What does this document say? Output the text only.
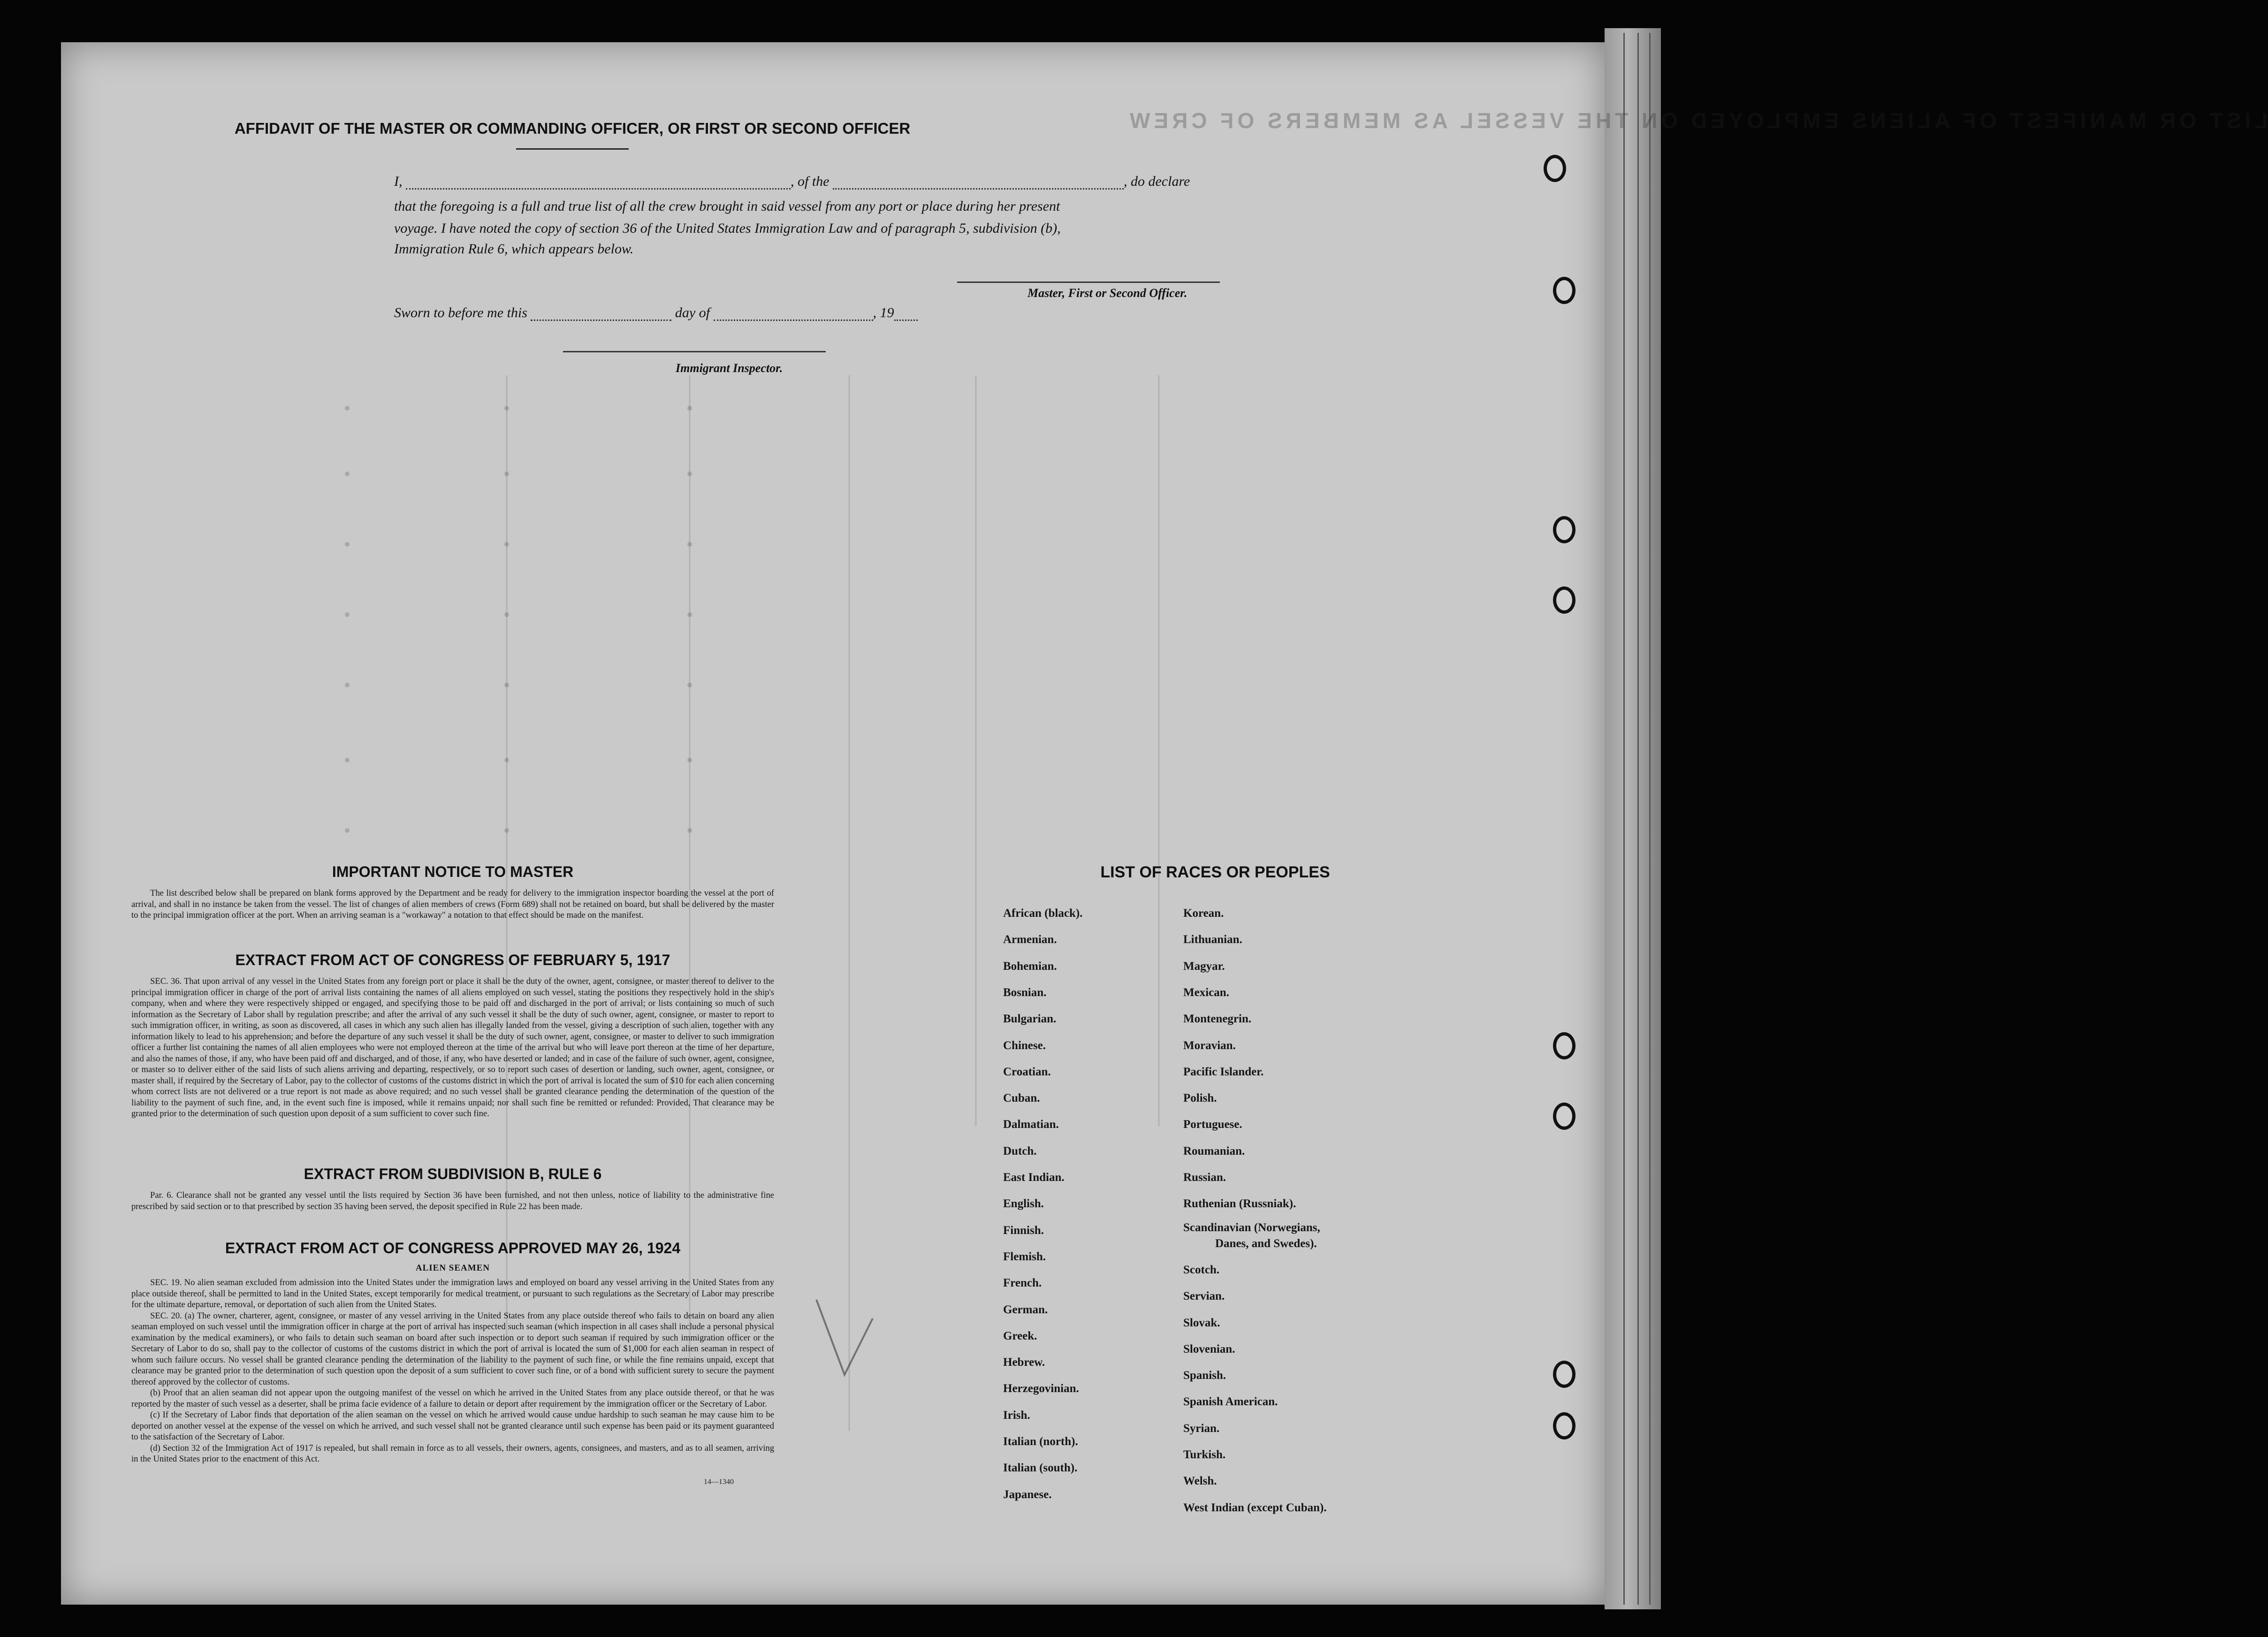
LIST OR MANIFEST OF ALIENS EMPLOYED ON THE VESSEL AS MEMBERS OF CREW
AFFIDAVIT OF THE MASTER OR COMMANDING OFFICER, OR FIRST OR SECOND OFFICER
I,	, of the	, do declare
that the foregoing is a full and true list of all the crew brought in said vessel from any port or place during her present
voyage. I have noted the copy of section 36 of the United States Immigration Law and of paragraph 5, subdivision (b),
Immigration Rule 6, which appears below.
Master, First or Second Officer.
Sworn to before me this	day of	, 19
Immigrant Inspector.
IMPORTANT NOTICE TO MASTER

The list described below shall be prepared on blank forms approved by the Department and be ready for delivery to the immigration inspector boarding the vessel at the port of arrival, and shall in no instance be taken from the vessel. The list of changes of alien members of crews (Form 689) shall not be retained on board, but shall be delivered by the master to the principal immigration officer at the port. When an arriving seaman is a "workaway" a notation to that effect should be made on the manifest.

EXTRACT FROM ACT OF CONGRESS OF FEBRUARY 5, 1917

SEC. 36. That upon arrival of any vessel in the United States from any foreign port or place it shall be the duty of the owner, agent, consignee, or master thereof to deliver to the principal immigration officer in charge of the port of arrival lists containing the names of all aliens employed on such vessel, stating the positions they respectively hold in the ship's company, when and where they were respectively shipped or engaged, and specifying those to be paid off and discharged in the port of arrival; or lists containing so much of such information as the Secretary of Labor shall by regulation prescribe; and after the arrival of any such vessel it shall be the duty of such owner, agent, consignee, or master to report to such immigration officer, in writing, as soon as discovered, all cases in which any such alien has illegally landed from the vessel, giving a description of such alien, together with any information likely to lead to his apprehension; and before the departure of any such vessel it shall be the duty of such owner, agent, consignee, or master to deliver to such immigration officer a further list containing the names of all alien employees who were not employed thereon at the time of the arrival but who will leave port thereon at the time of her departure, and also the names of those, if any, who have been paid off and discharged, and of those, if any, who have deserted or landed; and in case of the failure of such owner, agent, consignee, or master so to deliver either of the said lists of such aliens arriving and departing, respectively, or so to report such cases of desertion or landing, such owner, agent, consignee, or master shall, if required by the Secretary of Labor, pay to the collector of customs of the customs district in which the port of arrival is located the sum of $10 for each alien concerning whom correct lists are not delivered or a true report is not made as above required; and no such vessel shall be granted clearance pending the determination of the question of the liability to the payment of such fine, and, in the event such fine is imposed, while it remains unpaid; nor shall such fine be remitted or refunded: Provided, That clearance may be granted prior to the determination of such question upon deposit of a sum sufficient to cover such fine.

EXTRACT FROM SUBDIVISION B, RULE 6

Par. 6. Clearance shall not be granted any vessel until the lists required by Section 36 have been furnished, and not then unless, notice of liability to the administrative fine prescribed by said section or to that prescribed by section 35 having been served, the deposit specified in Rule 22 has been made.

EXTRACT FROM ACT OF CONGRESS APPROVED MAY 26, 1924
ALIEN SEAMEN

SEC. 19. No alien seaman excluded from admission into the United States under the immigration laws and employed on board any vessel arriving in the United States from any place outside thereof, shall be permitted to land in the United States, except temporarily for medical treatment, or pursuant to such regulations as the Secretary of Labor may prescribe for the ultimate departure, removal, or deportation of such alien from the United States.

SEC. 20. (a) The owner, charterer, agent, consignee, or master of any vessel arriving in the United States from any place outside thereof who fails to detain on board any alien seaman employed on such vessel until the immigration officer in charge at the port of arrival has inspected such seaman (which inspection in all cases shall include a personal physical examination by the medical examiners), or who fails to detain such seaman on board after such inspection or to deport such seaman if required by such immigration officer or the Secretary of Labor to do so, shall pay to the collector of customs of the customs district in which the port of arrival is located the sum of $1,000 for each alien seaman in respect of whom such failure occurs. No vessel shall be granted clearance pending the determination of the liability to the payment of such fine, or while the fine remains unpaid, except that clearance may be granted prior to the determination of such question upon the deposit of a sum sufficient to cover such fine, or of a bond with sufficient surety to secure the payment thereof approved by the collector of customs.

(b) Proof that an alien seaman did not appear upon the outgoing manifest of the vessel on which he arrived in the United States from any place outside thereof, or that he was reported by the master of such vessel as a deserter, shall be prima facie evidence of a failure to detain or deport after requirement by the immigration officer or the Secretary of Labor.

(c) If the Secretary of Labor finds that deportation of the alien seaman on the vessel on which he arrived would cause undue hardship to such seaman he may cause him to be deported on another vessel at the expense of the vessel on which he arrived, and such vessel shall not be granted clearance until such expense has been paid or its payment guaranteed to the satisfaction of the Secretary of Labor.

(d) Section 32 of the Immigration Act of 1917 is repealed, but shall remain in force as to all vessels, their owners, agents, consignees, and masters, and as to all seamen, arriving in the United States prior to the enactment of this Act.

14—1340
LIST OF RACES OR PEOPLES
African (black).
Armenian.
Bohemian.
Bosnian.
Bulgarian.
Chinese.
Croatian.
Cuban.
Dalmatian.
Dutch.
East Indian.
English.
Finnish.
Flemish.
French.
German.
Greek.
Hebrew.
Herzegovinian.
Irish.
Italian (north).
Italian (south).
Japanese.
Korean.
Lithuanian.
Magyar.
Mexican.
Montenegrin.
Moravian.
Pacific Islander.
Polish.
Portuguese.
Roumanian.
Russian.
Ruthenian (Russniak).
Scandinavian (Norwegians,
Danes, and Swedes).
Scotch.
Servian.
Slovak.
Slovenian.
Spanish.
Spanish American.
Syrian.
Turkish.
Welsh.
West Indian (except Cuban).
